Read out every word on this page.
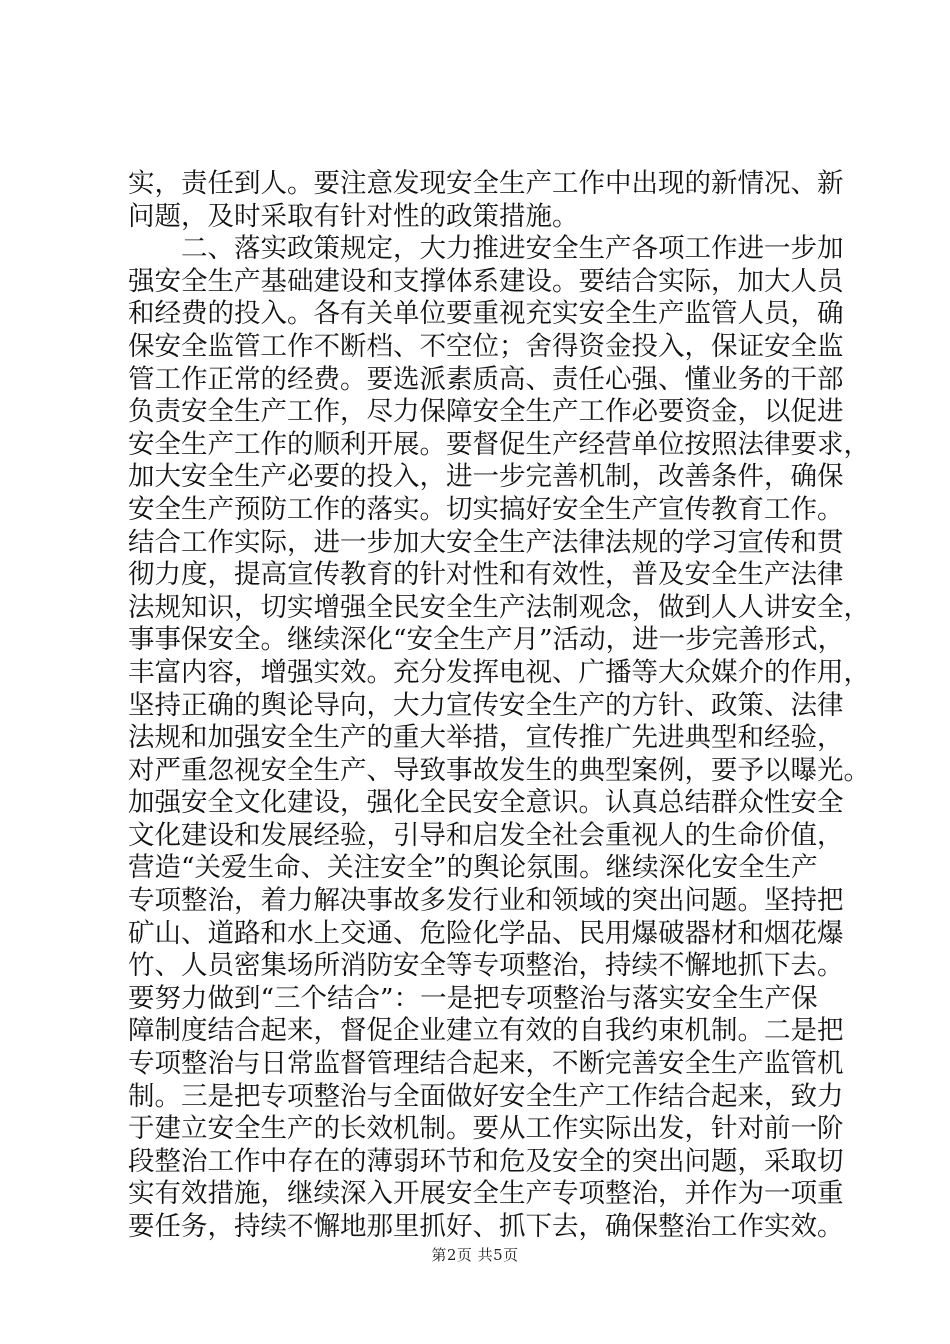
实，责任到人。要注意发现安全生产工作中出现的新情况、新
问题，及时采取有针对性的政策措施。
　　二、落实政策规定，大力推进安全生产各项工作进一步加
强安全生产基础建设和支撑体系建设。要结合实际，加大人员
和经费的投入。各有关单位要重视充实安全生产监管人员，确
保安全监管工作不断档、不空位；舍得资金投入，保证安全监
管工作正常的经费。要选派素质高、责任心强、懂业务的干部
负责安全生产工作，尽力保障安全生产工作必要资金，以促进
安全生产工作的顺利开展。要督促生产经营单位按照法律要求，
加大安全生产必要的投入，进一步完善机制，改善条件，确保
安全生产预防工作的落实。切实搞好安全生产宣传教育工作。
结合工作实际，进一步加大安全生产法律法规的学习宣传和贯
彻力度，提高宣传教育的针对性和有效性，普及安全生产法律
法规知识，切实增强全民安全生产法制观念，做到人人讲安全，
事事保安全。继续深化“安全生产月”活动，进一步完善形式，
丰富内容，增强实效。充分发挥电视、广播等大众媒介的作用，
坚持正确的舆论导向，大力宣传安全生产的方针、政策、法律
法规和加强安全生产的重大举措，宣传推广先进典型和经验，
对严重忽视安全生产、导致事故发生的典型案例，要予以曝光。
加强安全文化建设，强化全民安全意识。认真总结群众性安全
文化建设和发展经验，引导和启发全社会重视人的生命价值，
营造“关爱生命、关注安全”的舆论氛围。继续深化安全生产
专项整治，着力解决事故多发行业和领域的突出问题。坚持把
矿山、道路和水上交通、危险化学品、民用爆破器材和烟花爆
竹、人员密集场所消防安全等专项整治，持续不懈地抓下去。
要努力做到“三个结合”：一是把专项整治与落实安全生产保
障制度结合起来，督促企业建立有效的自我约束机制。二是把
专项整治与日常监督管理结合起来，不断完善安全生产监管机
制。三是把专项整治与全面做好安全生产工作结合起来，致力
于建立安全生产的长效机制。要从工作实际出发，针对前一阶
段整治工作中存在的薄弱环节和危及安全的突出问题，采取切
实有效措施，继续深入开展安全生产专项整治，并作为一项重
要任务，持续不懈地那里抓好、抓下去，确保整治工作实效。
第2页 共5页
